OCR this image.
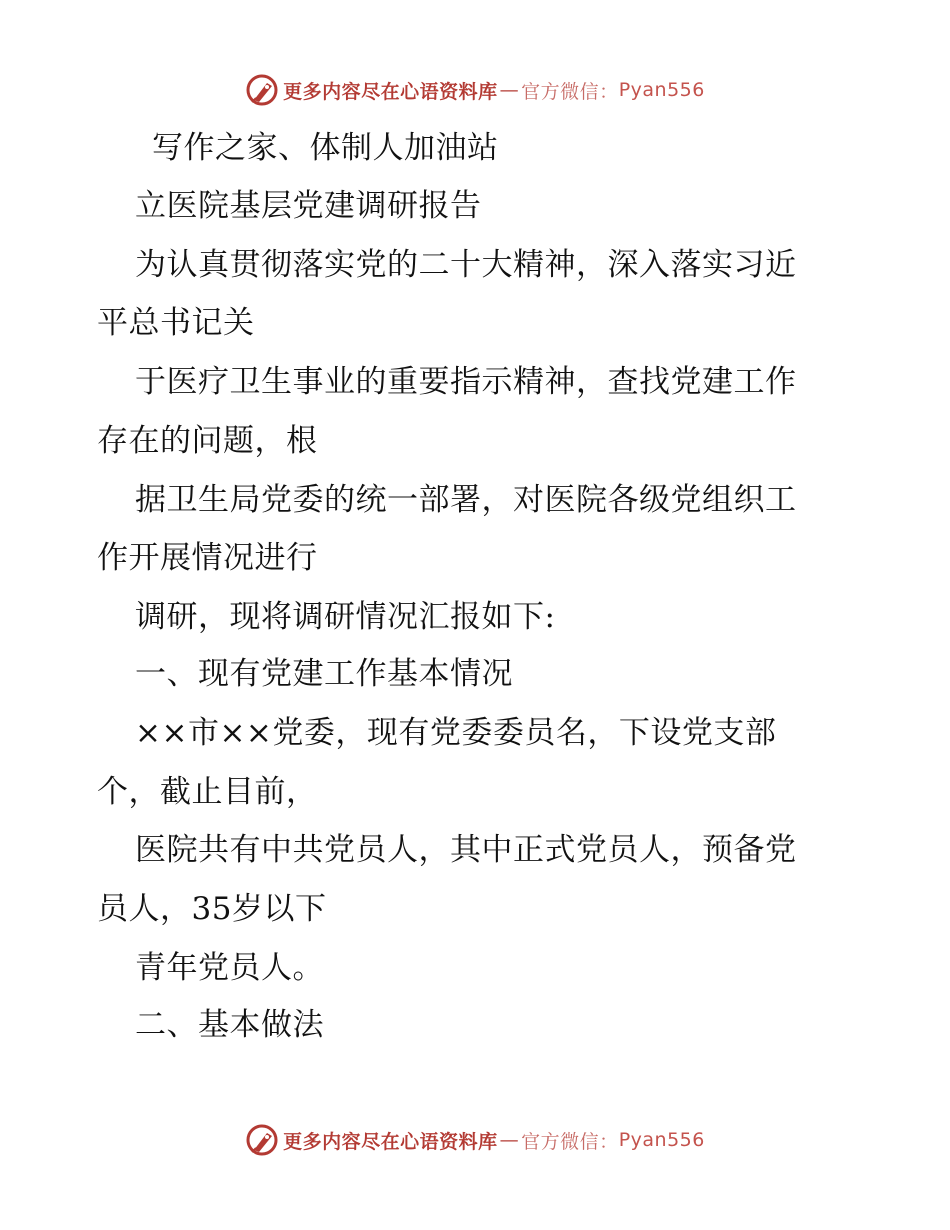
更多内容尽在心语资料库 — 官方微信： Pyan556
写作之家、体制人加油站
立医院基层党建调研报告
为认真贯彻落实党的二十大精神，深入落实习近
平总书记关
于医疗卫生事业的重要指示精神，查找党建工作
存在的问题，根
据卫生局党委的统一部署，对医院各级党组织工
作开展情况进行
调研，现将调研情况汇报如下:
一、现有党建工作基本情况
××市××党委，现有党委委员名，下设党支部
个，截止目前，
医院共有中共党员人，其中正式党员人，预备党
员人，35岁以下
青年党员人。
二、基本做法
更多内容尽在心语资料库 — 官方微信： Pyan556
